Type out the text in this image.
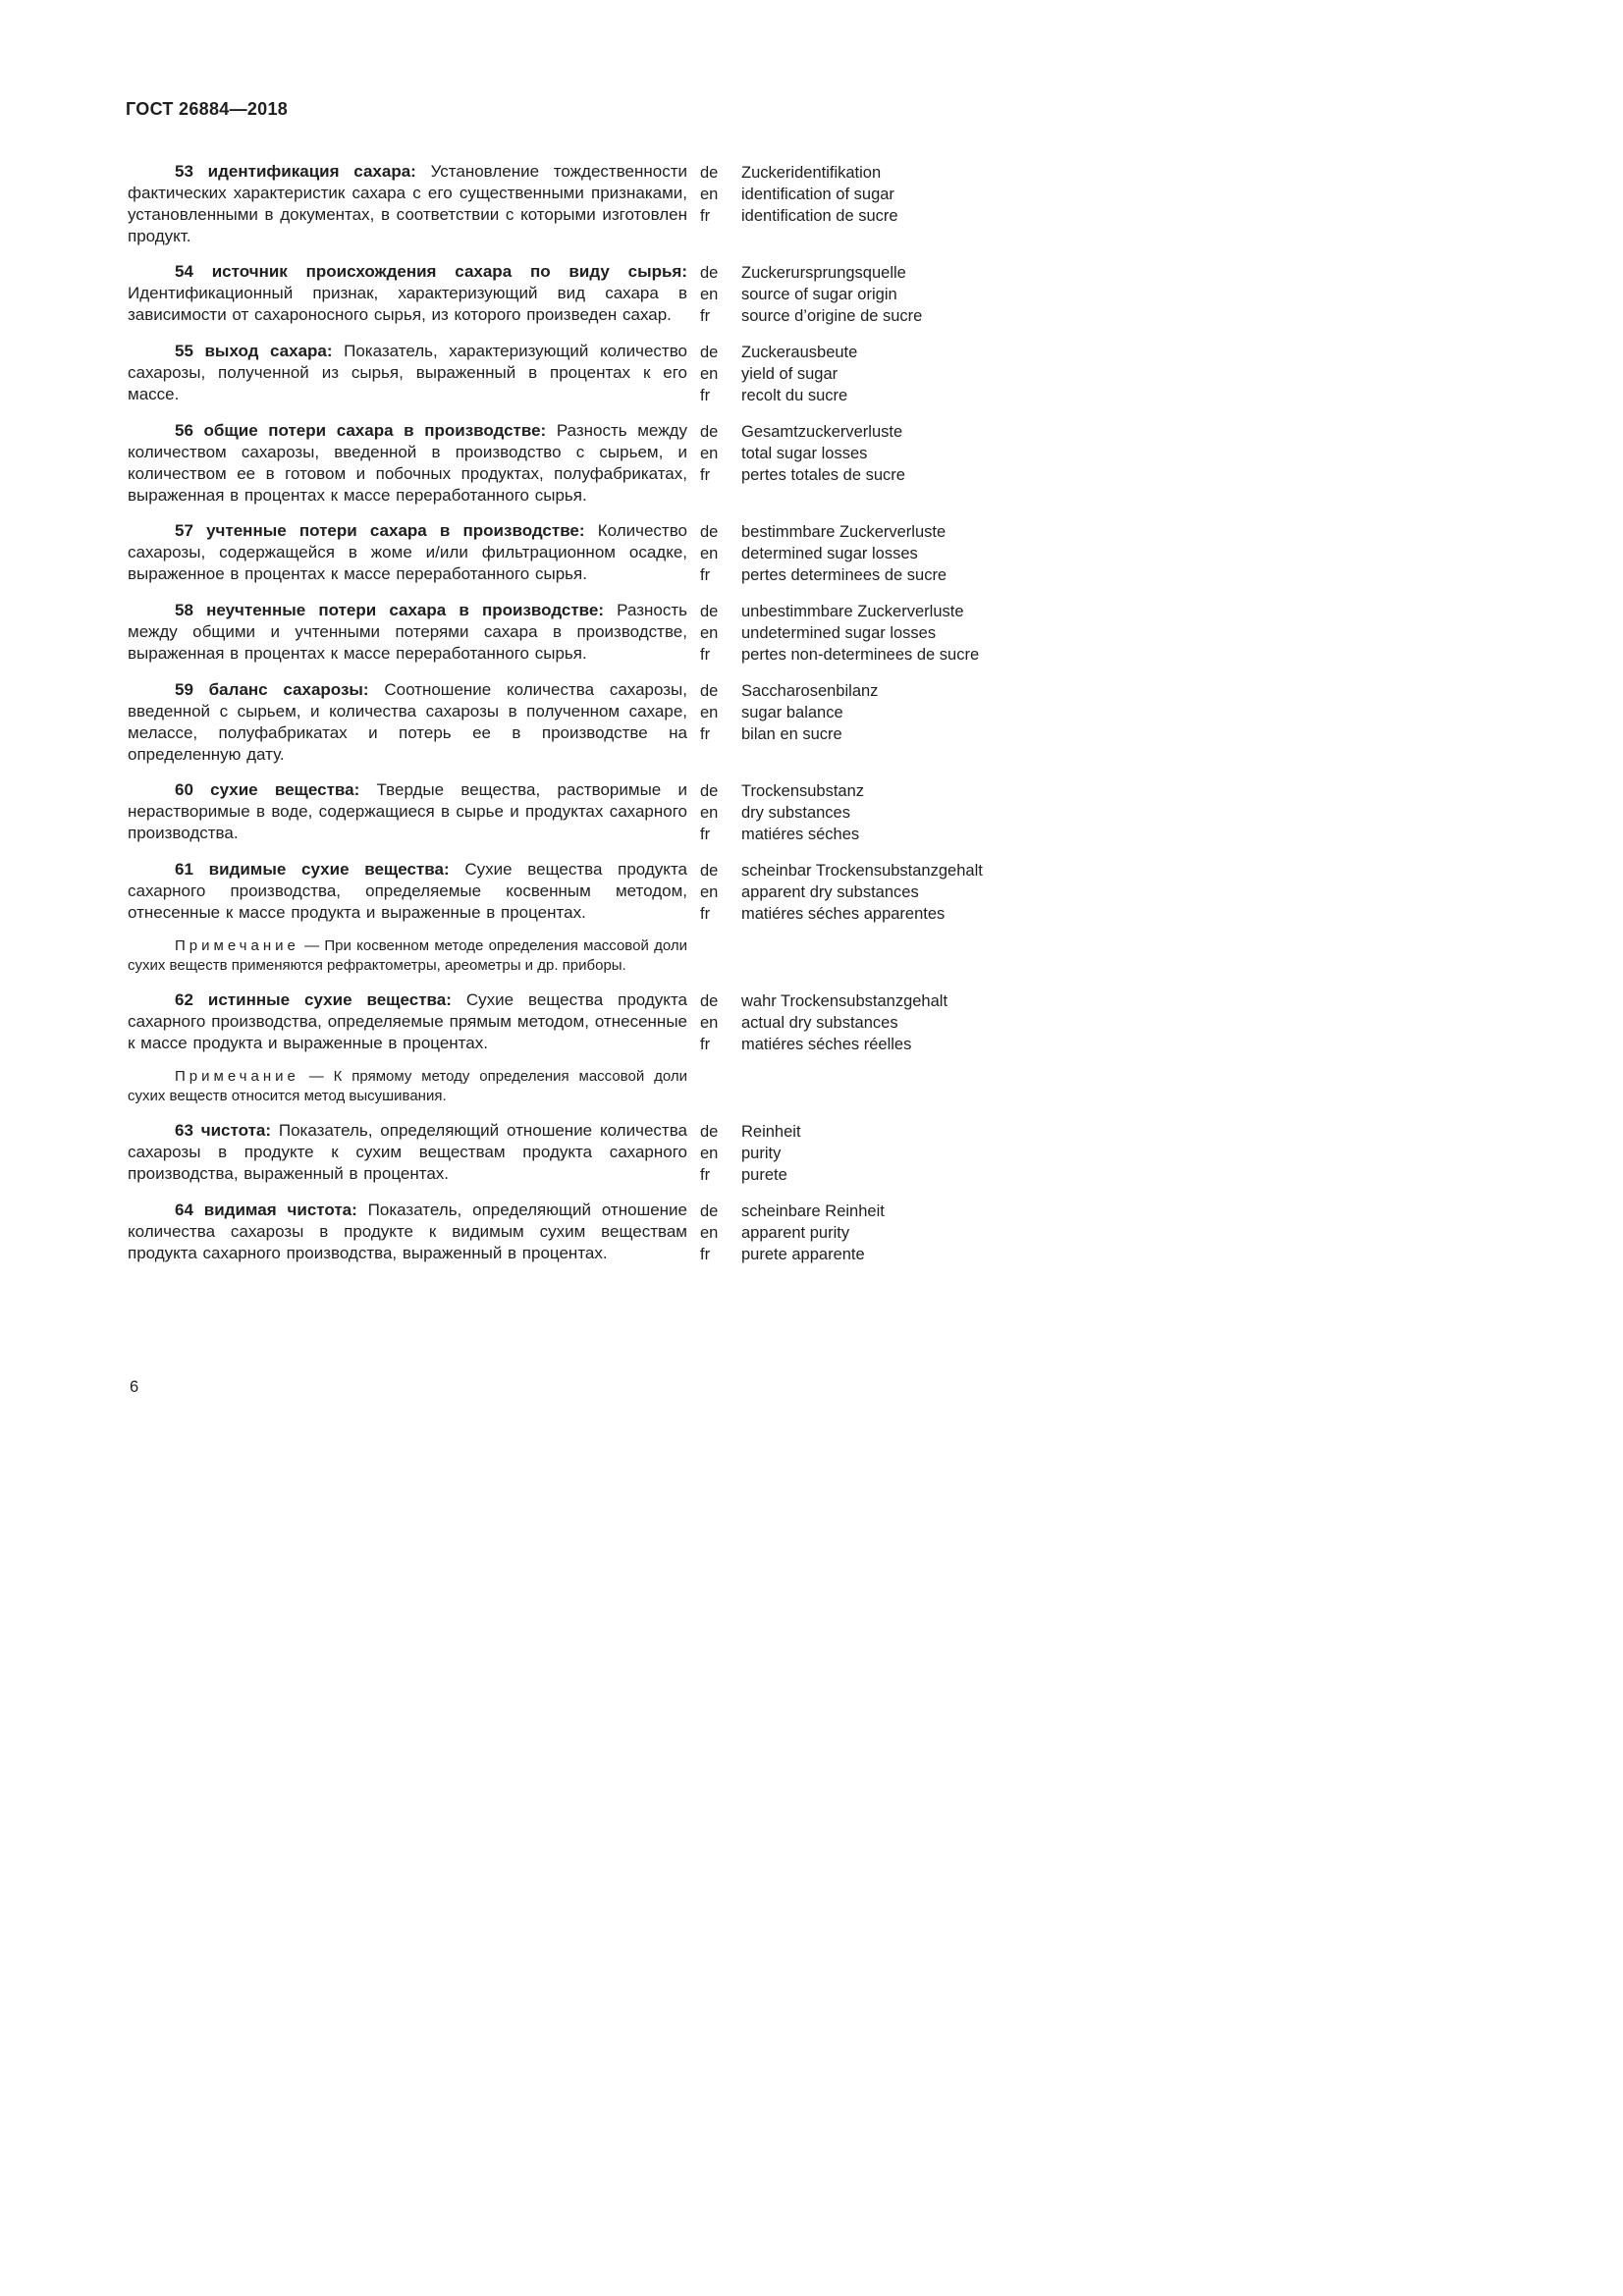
ГОСТ 26884—2018

53 идентификация сахара: Установление тождественности фактических характеристик сахара с его существенными признаками, установленными в документах, в соответствии с которыми изготовлен продукт.

de	Zuckeridentifikation
en	identification of sugar
fr	identification de sucre

54 источник происхождения сахара по виду сырья: Идентификационный признак, характеризующий вид сахара в зависимости от сахароносного сырья, из которого произведен сахар.

de	Zuckerursprungsquelle
en	source of sugar origin
fr	source d’origine de sucre

55 выход сахара: Показатель, характеризующий количество сахарозы, полученной из сырья, выраженный в процентах к его массе.

de	Zuckerausbeute
en	yield of sugar
fr	recolt du sucre

56 общие потери сахара в производстве: Разность между количеством сахарозы, введенной в производство с сырьем, и количеством ее в готовом и побочных продуктах, полуфабрикатах, выраженная в процентах к массе переработанного сырья.

de	Gesamtzuckerverluste
en	total sugar losses
fr	pertes totales de sucre

57 учтенные потери сахара в производстве: Количество сахарозы, содержащейся в жоме и/или фильтрационном осадке, выраженное в процентах к массе переработанного сырья.

de	bestimmbare Zuckerverluste
en	determined sugar losses
fr	pertes determinees de sucre

58 неучтенные потери сахара в производстве: Разность между общими и учтенными потерями сахара в производстве, выраженная в процентах к массе переработанного сырья.

de	unbestimmbare Zuckerverluste
en	undetermined sugar losses
fr	pertes non-determinees de sucre

59 баланс сахарозы: Соотношение количества сахарозы, введенной с сырьем, и количества сахарозы в полученном сахаре, мелассе, полуфабрикатах и потерь ее в производстве на определенную дату.

de	Saccharosenbilanz
en	sugar balance
fr	bilan en sucre

60 сухие вещества: Твердые вещества, растворимые и нерастворимые в воде, содержащиеся в сырье и продуктах сахарного производства.

de	Trockensubstanz
en	dry substances
fr	matiéres séches

61 видимые сухие вещества: Сухие вещества продукта сахарного производства, определяемые косвенным методом, отнесенные к массе продукта и выраженные в процентах.

de	scheinbar Trockensubstanzgehalt
en	apparent dry substances
fr	matiéres séches apparentes

Примечание — При косвенном методе определения массовой доли сухих веществ применяются рефрактометры, ареометры и др. приборы.

62 истинные сухие вещества: Сухие вещества продукта сахарного производства, определяемые прямым методом, отнесенные к массе продукта и выраженные в процентах.

de	wahr Trockensubstanzgehalt
en	actual dry substances
fr	matiéres séches réelles

Примечание — К прямому методу определения массовой доли сухих веществ относится метод высушивания.

63 чистота: Показатель, определяющий отношение количества сахарозы в продукте к сухим веществам продукта сахарного производства, выраженный в процентах.

de	Reinheit
en	purity
fr	purete

64 видимая чистота: Показатель, определяющий отношение количества сахарозы в продукте к видимым сухим веществам продукта сахарного производства, выраженный в процентах.

de	scheinbare Reinheit
en	apparent purity
fr	purete apparente
6
